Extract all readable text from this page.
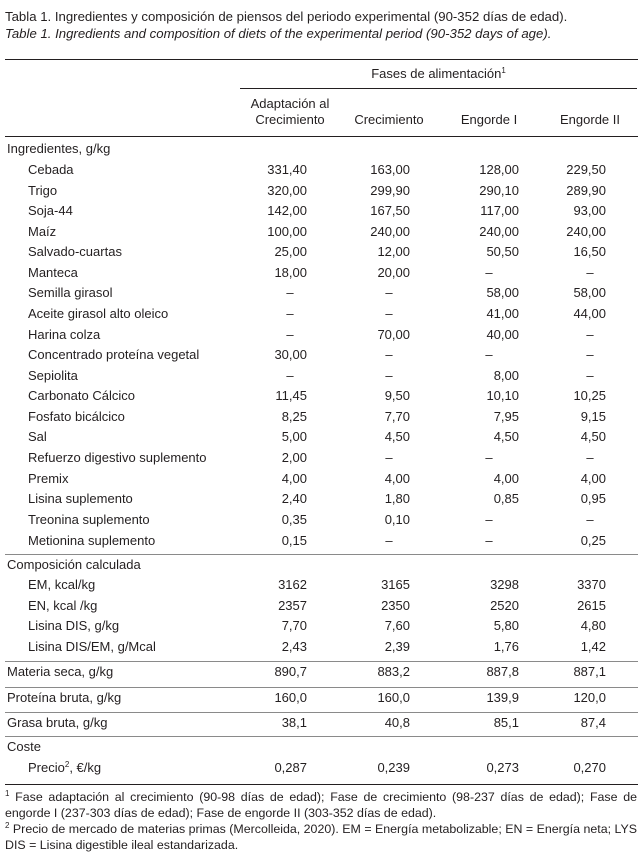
Tabla 1. Ingredientes y composición de piensos del periodo experimental (90-352 días de edad).
Table 1. Ingredients and composition of diets of the experimental period (90-352 days of age).
Fases de alimentación$^1$
Adaptación al
Crecimiento	Crecimiento	Engorde I	Engorde II
Ingredientes, g/kg
Cebada	331,40	163,00	128,00	229,50
Trigo	320,00	299,90	290,10	289,90
Soja-44	142,00	167,50	117,00	93,00
Maíz	100,00	240,00	240,00	240,00
Salvado-cuartas	25,00	12,00	50,50	16,50
Manteca	18,00	20,00	–	–
Semilla girasol	–	–	58,00	58,00
Aceite girasol alto oleico	–	–	41,00	44,00
Harina colza	–	70,00	40,00	–
Concentrado proteína vegetal	30,00	–	–	–
Sepiolita	–	–	8,00	–
Carbonato Cálcico	11,45	9,50	10,10	10,25
Fosfato bicálcico	8,25	7,70	7,95	9,15
Sal	5,00	4,50	4,50	4,50
Refuerzo digestivo suplemento	2,00	–	–	–
Premix	4,00	4,00	4,00	4,00
Lisina suplemento	2,40	1,80	0,85	0,95
Treonina suplemento	0,35	0,10	–	–
Metionina suplemento	0,15	–	–	0,25
Composición calculada
EM, kcal/kg	3162	3165	3298	3370
EN, kcal /kg	2357	2350	2520	2615
Lisina DIS, g/kg	7,70	7,60	5,80	4,80
Lisina DIS/EM, g/Mcal	2,43	2,39	1,76	1,42
Materia seca, g/kg	890,7	883,2	887,8	887,1
Proteína bruta, g/kg	160,0	160,0	139,9	120,0
Grasa bruta, g/kg	38,1	40,8	85,1	87,4
Coste
Precio$^2$, €/kg	0,287	0,239	0,273	0,270

$^1$ Fase adaptación al crecimiento (90-98 días de edad); Fase de crecimiento (98-237 días de edad); Fase de engorde I (237-303 días de edad); Fase de engorde II (303-352 días de edad).

$^2$ Precio de mercado de materias primas (Mercolleida, 2020). EM = Energía metabolizable; EN = Energía neta; LYS DIS = Lisina digestible ileal estandarizada.
